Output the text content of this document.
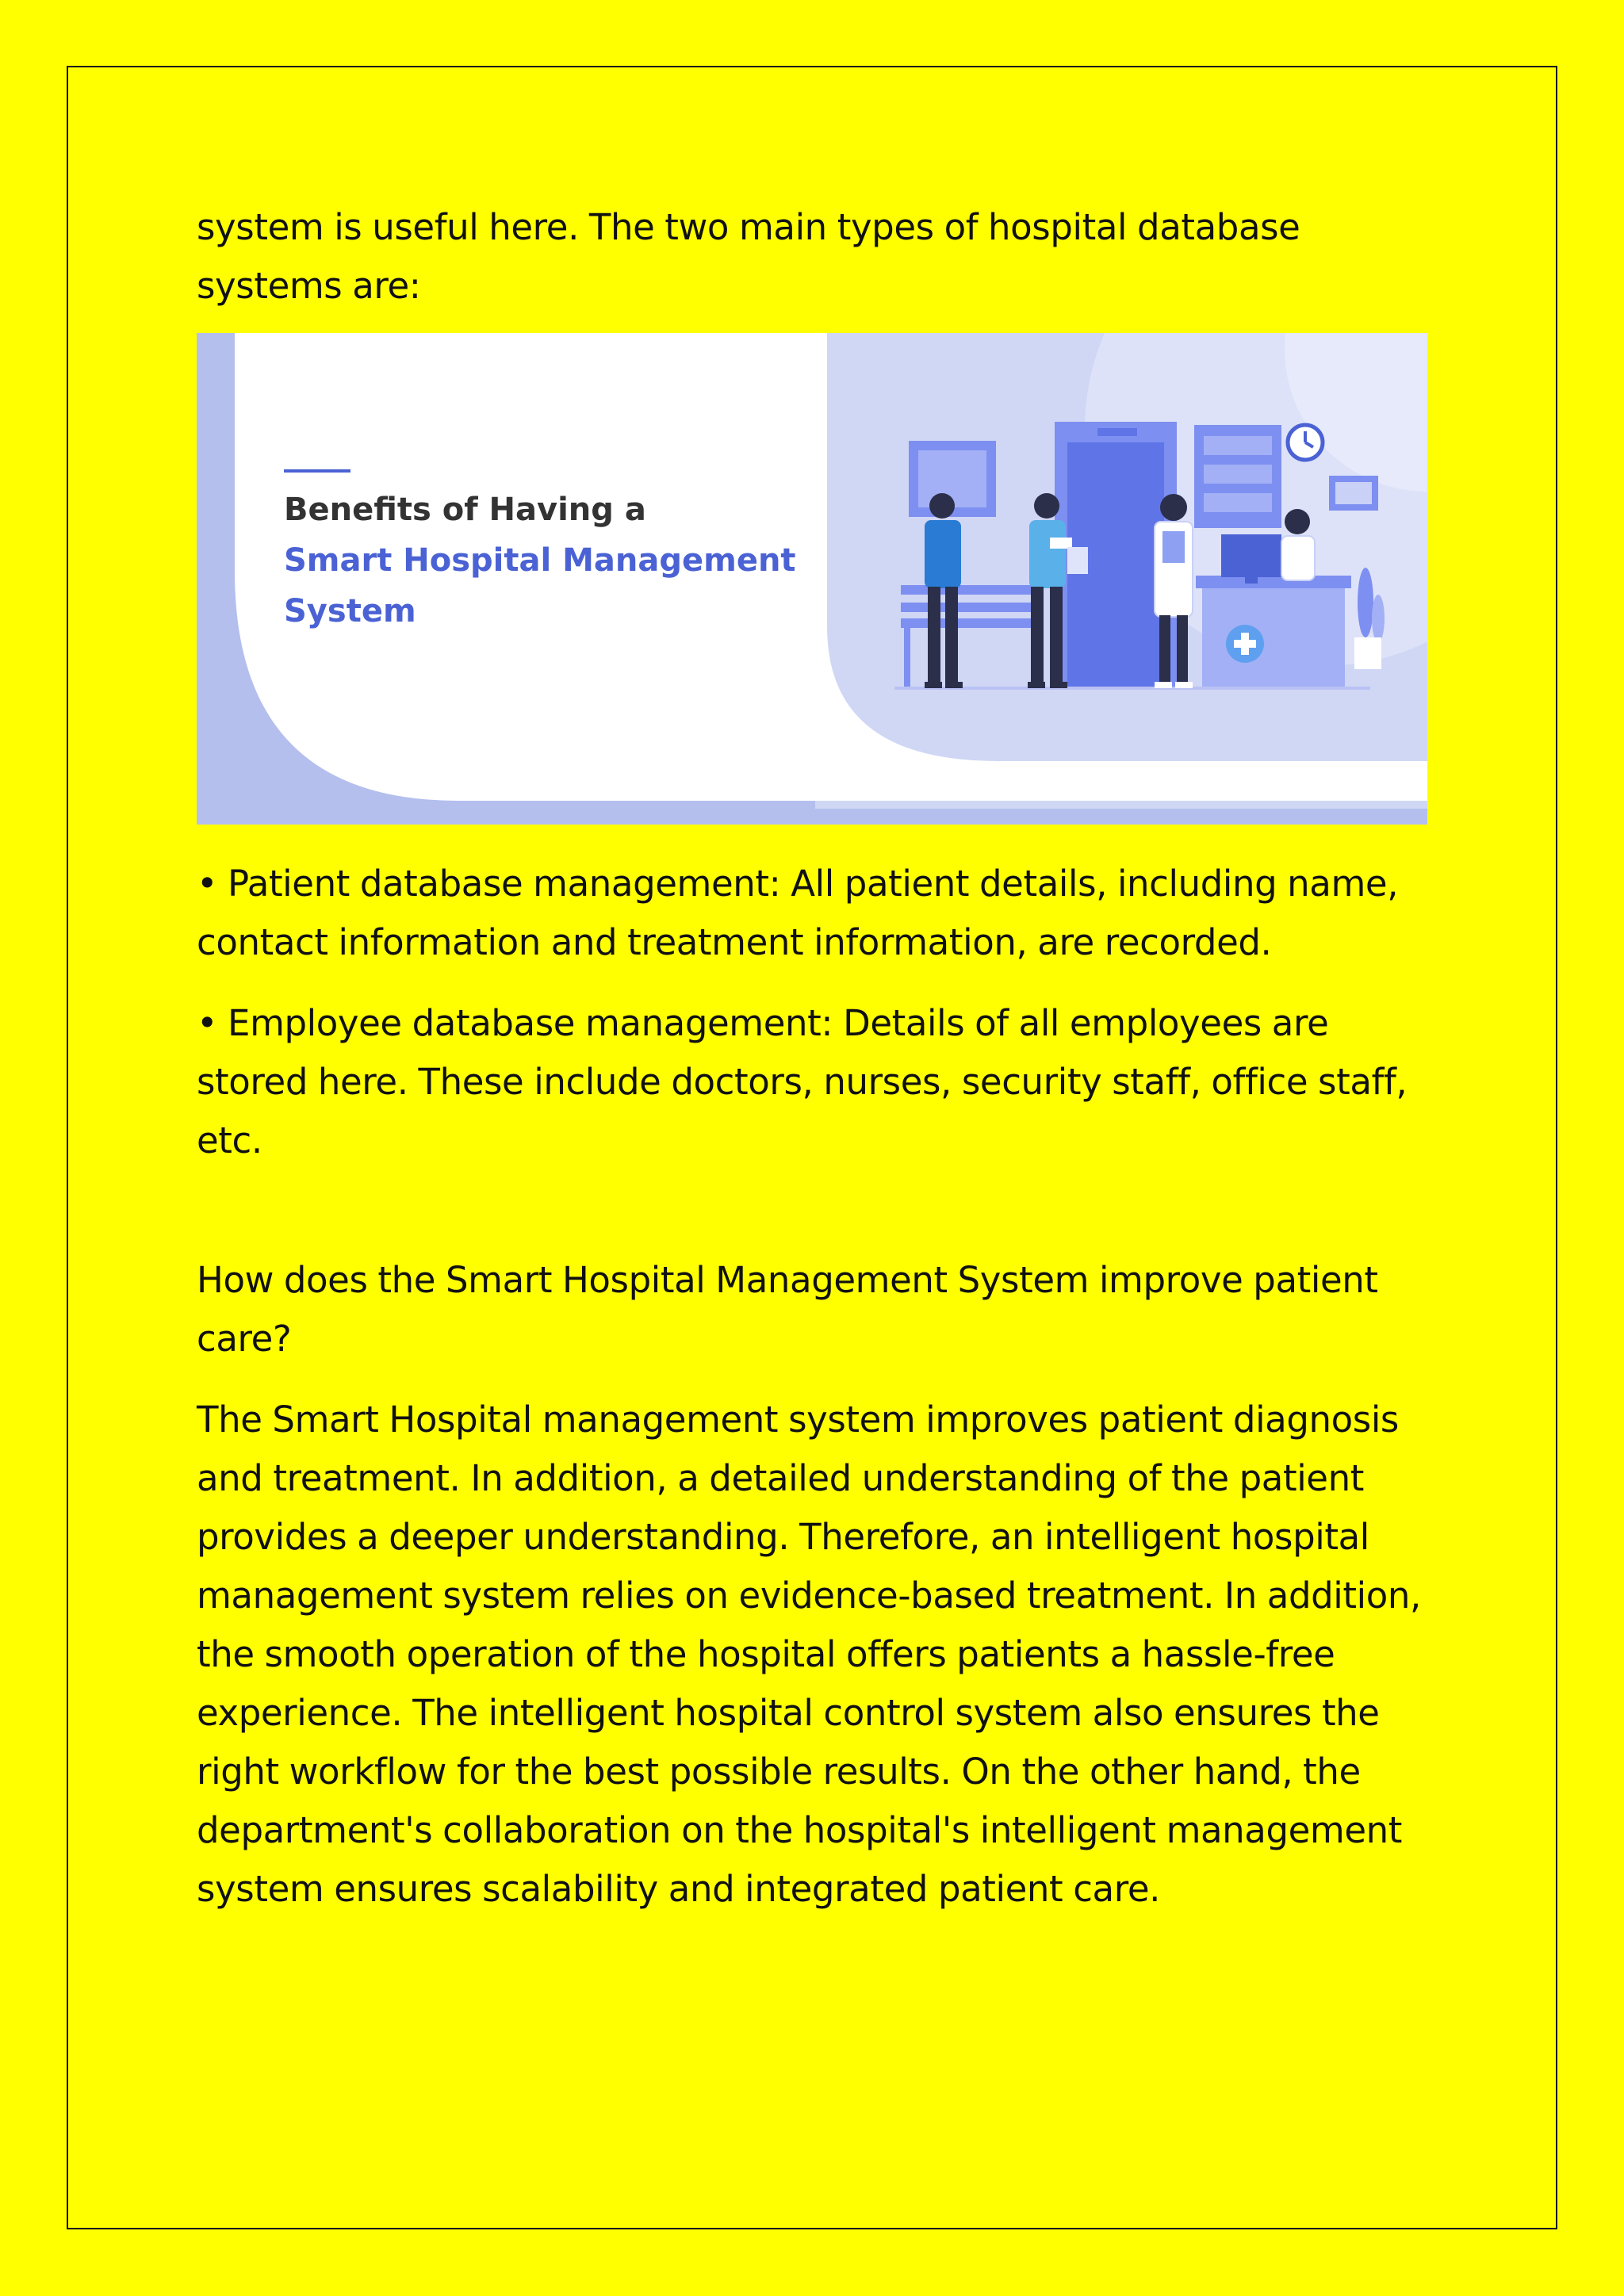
system is useful here. The two main types of hospital database systems are:

Benefits of Having a
Smart Hospital Management
System

• Patient database management: All patient details, including name, contact information and treatment information, are recorded.

• Employee database management: Details of all employees are stored here. These include doctors, nurses, security staff, office staff, etc.

How does the Smart Hospital Management System improve patient care?

The Smart Hospital management system improves patient diagnosis and treatment. In addition, a detailed understanding of the patient provides a deeper understanding. Therefore, an intelligent hospital management system relies on evidence-based treatment. In addition, the smooth operation of the hospital offers patients a hassle-free experience. The intelligent hospital control system also ensures the right workflow for the best possible results. On the other hand, the department's collaboration on the hospital's intelligent management system ensures scalability and integrated patient care.
